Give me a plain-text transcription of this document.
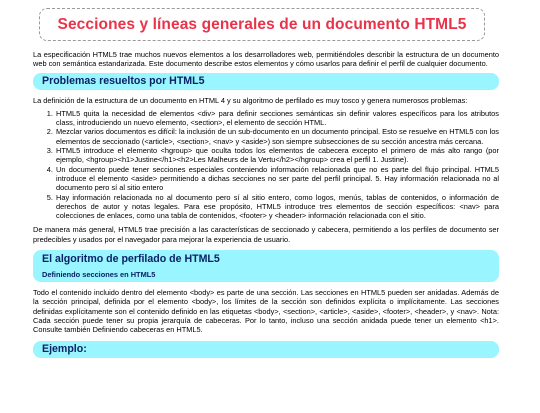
Secciones y líneas generales de un documento HTML5

La especificación HTML5 trae muchos nuevos elementos a los desarrolladores web, permitiéndoles describir la estructura de un documento web con semántica estandarizada. Este documento describe estos elementos y cómo usarlos para definir el perfil de cualquier documento.

Problemas resueltos por HTML5

La definición de la estructura de un documento en HTML 4 y su algoritmo de perfilado es muy tosco y genera numerosos problemas:

1. HTML5 quita la necesidad de elementos <div> para definir secciones semánticas sin definir valores específicos para los atributos class, introduciendo un nuevo elemento, <section>, el elemento de sección HTML.
2. Mezclar varios documentos es difícil: la inclusión de un sub-documento en un documento principal. Esto se resuelve en HTML5 con los elementos de seccionado (<article>, <section>, <nav> y <aside>) son siempre subsecciones de su sección ancestra más cercana.
3. HTML5 introduce el elemento <hgroup> que oculta todos los elementos de cabecera excepto el primero de más alto rango (por ejemplo, <hgroup><h1>Justine</h1><h2>Les Malheurs de la Vertu</h2></hgroup> crea el perfil 1. Justine).
4. Un documento puede tener secciones especiales conteniendo información relacionada que no es parte del flujo principal. HTML5 introduce el elemento <aside> permitiendo a dichas secciones no ser parte del perfil principal. 5. Hay información relacionada no al documento pero sí al sitio entero
5. Hay información relacionada no al documento pero sí al sitio entero, como logos, menús, tablas de contenidos, o información de derechos de autor y notas legales. Para ese propósito, HTML5 introduce tres elementos de sección específicos: <nav> para colecciones de enlaces, como una tabla de contenidos, <footer> y <header> información relacionada con el sitio.

De manera más general, HTML5 trae precisión a las características de seccionado y cabecera, permitiendo a los perfiles de documento ser predecibles y usados por el navegador para mejorar la experiencia de usuario.

El algoritmo de perfilado de HTML5
Definiendo secciones en HTML5

Todo el contenido incluido dentro del elemento <body> es parte de una sección. Las secciones en HTML5 pueden ser anidadas. Además de la sección principal, definida por el elemento <body>, los límites de la sección son definidos explícita o implícitamente. Las secciones definidas explícitamente son el contenido definido en las etiquetas <body>, <section>, <article>, <aside>, <footer>, <header>, y <nav>. Nota: Cada sección puede tener su propia jerarquía de cabeceras. Por lo tanto, incluso una sección anidada puede tener un elemento <h1>. Consulte también Definiendo cabeceras en HTML5.

Ejemplo:
